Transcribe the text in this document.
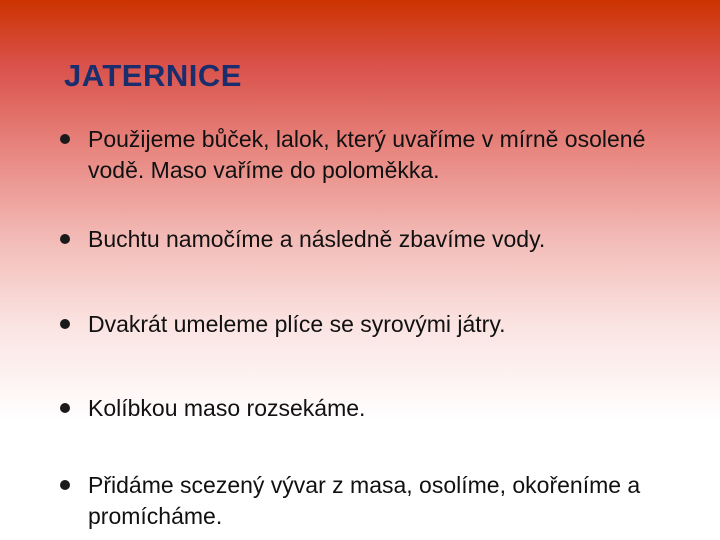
JATERNICE
Použijeme bůček, lalok, který uvaříme v mírně osolené vodě. Maso vaříme do poloměkka.
Buchtu namočíme a následně zbavíme vody.
Dvakrát umeleme plíce se syrovými játry.
Kolíbkou maso rozsekáme.
Přidáme scezený vývar z masa, osolíme, okořeníme a promícháme.
